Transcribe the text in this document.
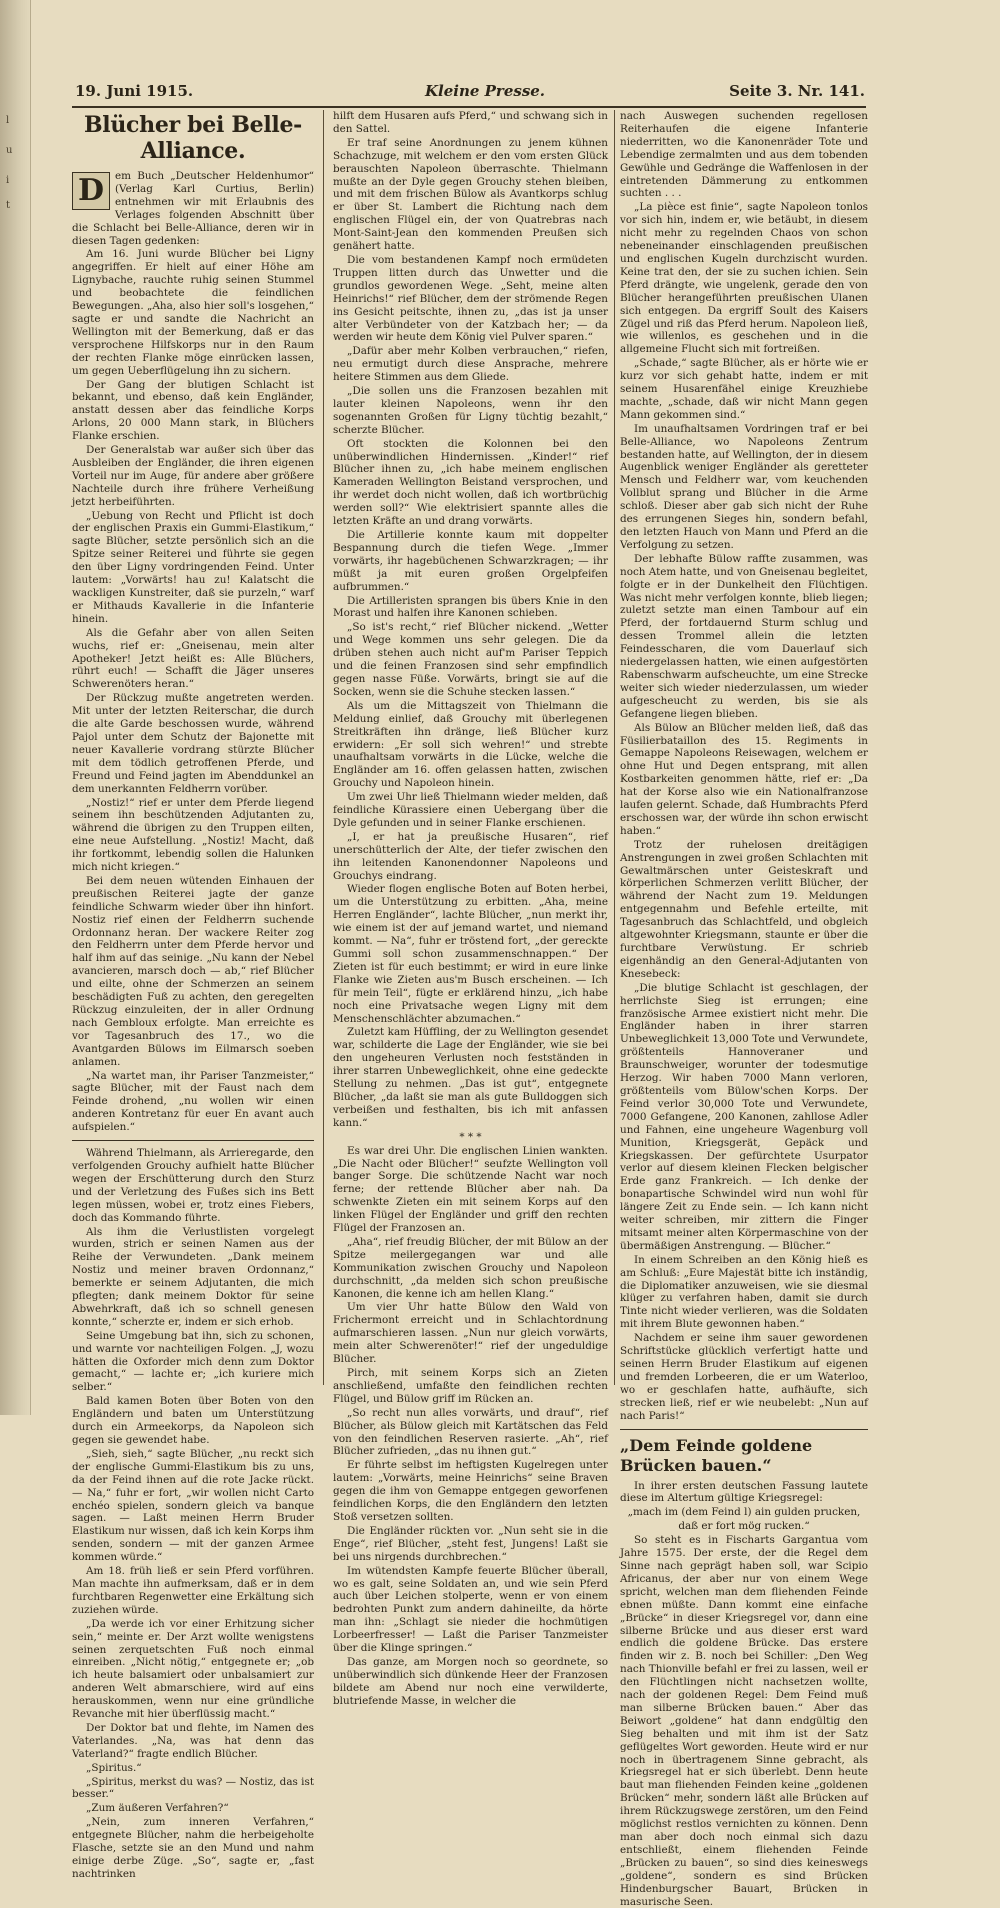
l
u
i
t
19. Juni 1915.	Kleine Presse.	Seite 3. Nr. 141.
Blücher bei Belle-Alliance.

D	em Buch „Deutscher Heldenhumor“ (Verlag Karl Curtius, Berlin) entnehmen wir mit Erlaubnis des Verlages folgenden Abschnitt über die Schlacht bei Belle-Alliance, deren wir in diesen Tagen gedenken:

Am 16. Juni wurde Blücher bei Ligny angegriffen. Er hielt auf einer Höhe am Lignybache, rauchte ruhig seinen Stummel und beobachtete die feindlichen Bewegungen. „Aha, also hier soll's losgehen,“ sagte er und sandte die Nachricht an Wellington mit der Bemerkung, daß er das versprochene Hilfskorps nur in den Raum der rechten Flanke möge einrücken lassen, um gegen Ueberflügelung ihn zu sichern.

Der Gang der blutigen Schlacht ist bekannt, und ebenso, daß kein Engländer, anstatt dessen aber das feindliche Korps Arlons, 20 000 Mann stark, in Blüchers Flanke erschien.

Der Generalstab war außer sich über das Ausbleiben der Engländer, die ihren eigenen Vorteil nur im Auge, für andere aber größere Nachteile durch ihre frühere Verheißung jetzt herbeiführten.

„Uebung von Recht und Pflicht ist doch der englischen Praxis ein Gummi-Elastikum,“ sagte Blücher, setzte persönlich sich an die Spitze seiner Reiterei und führte sie gegen den über Ligny vordringenden Feind. Unter lautem: „Vorwärts! hau zu! Kalatscht die wackligen Kunstreiter, daß sie purzeln,“ warf er Mithauds Kavallerie in die Infanterie hinein.

Als die Gefahr aber von allen Seiten wuchs, rief er: „Gneisenau, mein alter Apotheker! Jetzt heißt es: Alle Blüchers, rührt euch! — Schafft die Jäger unseres Schwerenöters heran.“

Der Rückzug mußte angetreten werden. Mit unter der letzten Reiterschar, die durch die alte Garde beschossen wurde, während Pajol unter dem Schutz der Bajonette mit neuer Kavallerie vordrang stürzte Blücher mit dem tödlich getroffenen Pferde, und Freund und Feind jagten im Abenddunkel an dem unerkannten Feldherrn vorüber.

„Nostiz!“ rief er unter dem Pferde liegend seinem ihn beschützenden Adjutanten zu, während die übrigen zu den Truppen eilten, eine neue Aufstellung. „Nostiz! Macht, daß ihr fortkommt, lebendig sollen die Halunken mich nicht kriegen.“

Bei dem neuen wütenden Einhauen der preußischen Reiterei jagte der ganze feindliche Schwarm wieder über ihn hinfort. Nostiz rief einen der Feldherrn suchende Ordonnanz heran. Der wackere Reiter zog den Feldherrn unter dem Pferde hervor und half ihm auf das seinige. „Nu kann der Nebel avancieren, marsch doch — ab,“ rief Blücher und eilte, ohne der Schmerzen an seinem beschädigten Fuß zu achten, den geregelten Rückzug einzuleiten, der in aller Ordnung nach Gembloux erfolgte. Man erreichte es vor Tagesanbruch des 17., wo die Avantgarden Bülows im Eilmarsch soeben anlamen.

„Na wartet man, ihr Pariser Tanzmeister,“ sagte Blücher, mit der Faust nach dem Feinde drohend, „nu wollen wir einen anderen Kontretanz für euer En avant auch aufspielen.“

Während Thielmann, als Arrieregarde, den verfolgenden Grouchy aufhielt hatte Blücher wegen der Erschütterung durch den Sturz und der Verletzung des Fußes sich ins Bett legen müssen, wobei er, trotz eines Fiebers, doch das Kommando führte.

Als ihm die Verlustlisten vorgelegt wurden, strich er seinen Namen aus der Reihe der Verwundeten. „Dank meinem Nostiz und meiner braven Ordonnanz,“ bemerkte er seinem Adjutanten, die mich pflegten; dank meinem Doktor für seine Abwehrkraft, daß ich so schnell genesen konnte,“ scherzte er, indem er sich erhob.

Seine Umgebung bat ihn, sich zu schonen, und warnte vor nachteiligen Folgen. „J, wozu hätten die Oxforder mich denn zum Doktor gemacht,“ — lachte er; „ich kuriere mich selber.“

Bald kamen Boten über Boten von den Engländern und baten um Unterstützung durch ein Armeekorps, da Napoleon sich gegen sie gewendet habe.

„Sieh, sieh,“ sagte Blücher, „nu reckt sich der englische Gummi-Elastikum bis zu uns, da der Feind ihnen auf die rote Jacke rückt. — Na,“ fuhr er fort, „wir wollen nicht Carto enchéo spielen, sondern gleich va banque sagen. — Laßt meinen Herrn Bruder Elastikum nur wissen, daß ich kein Korps ihm senden, sondern — mit der ganzen Armee kommen würde.“

Am 18. früh ließ er sein Pferd vorführen. Man machte ihn aufmerksam, daß er in dem furchtbaren Regenwetter eine Erkältung sich zuziehen würde.

„Da werde ich vor einer Erhitzung sicher sein,“ meinte er. Der Arzt wollte wenigstens seinen zerquetschten Fuß noch einmal einreiben. „Nicht nötig,“ entgegnete er; „ob ich heute balsamiert oder unbalsamiert zur anderen Welt abmarschiere, wird auf eins herauskommen, wenn nur eine gründliche Revanche mit hier überflüssig macht.“

Der Doktor bat und flehte, im Namen des Vaterlandes. „Na, was hat denn das Vaterland?“ fragte endlich Blücher.

„Spiritus.“

„Spiritus, merkst du was? — Nostiz, das ist besser.“

„Zum äußeren Verfahren?“

„Nein, zum inneren Verfahren,“ entgegnete Blücher, nahm die herbeigeholte Flasche, setzte sie an den Mund und nahm einige derbe Züge. „So“, sagte er, „fast nachtrinken

hilft dem Husaren aufs Pferd,“ und schwang sich in den Sattel.

Er traf seine Anordnungen zu jenem kühnen Schachzuge, mit welchem er den vom ersten Glück berauschten Napoleon überraschte. Thielmann mußte an der Dyle gegen Grouchy stehen bleiben, und mit dem frischen Bülow als Avantkorps schlug er über St. Lambert die Richtung nach dem englischen Flügel ein, der von Quatrebras nach Mont-Saint-Jean den kommenden Preußen sich genähert hatte.

Die vom bestandenen Kampf noch ermüdeten Truppen litten durch das Unwetter und die grundlos gewordenen Wege. „Seht, meine alten Heinrichs!“ rief Blücher, dem der strömende Regen ins Gesicht peitschte, ihnen zu, „das ist ja unser alter Verbündeter von der Katzbach her; — da werden wir heute dem König viel Pulver sparen.“

„Dafür aber mehr Kolben verbrauchen,“ riefen, neu ermutigt durch diese Ansprache, mehrere heitere Stimmen aus dem Gliede.

„Die sollen uns die Franzosen bezahlen mit lauter kleinen Napoleons, wenn ihr den sogenannten Großen für Ligny tüchtig bezahlt,“ scherzte Blücher.

Oft stockten die Kolonnen bei den unüberwindlichen Hindernissen. „Kinder!“ rief Blücher ihnen zu, „ich habe meinem englischen Kameraden Wellington Beistand versprochen, und ihr werdet doch nicht wollen, daß ich wortbrüchig werden soll?“ Wie elektrisiert spannte alles die letzten Kräfte an und drang vorwärts.

Die Artillerie konnte kaum mit doppelter Bespannung durch die tiefen Wege. „Immer vorwärts, ihr hagebüchenen Schwarzkragen; — ihr müßt ja mit euren großen Orgelpfeifen aufbrummen.“

Die Artilleristen sprangen bis übers Knie in den Morast und halfen ihre Kanonen schieben.

„So ist's recht,“ rief Blücher nickend. „Wetter und Wege kommen uns sehr gelegen. Die da drüben stehen auch nicht auf'm Pariser Teppich und die feinen Franzosen sind sehr empfindlich gegen nasse Füße. Vorwärts, bringt sie auf die Socken, wenn sie die Schuhe stecken lassen.“

Als um die Mittagszeit von Thielmann die Meldung einlief, daß Grouchy mit überlegenen Streitkräften ihn dränge, ließ Blücher kurz erwidern: „Er soll sich wehren!“ und strebte unaufhaltsam vorwärts in die Lücke, welche die Engländer am 16. offen gelassen hatten, zwischen Grouchy und Napoleon hinein.

Um zwei Uhr ließ Thielmann wieder melden, daß feindliche Kürassiere einen Uebergang über die Dyle gefunden und in seiner Flanke erschienen.

„I, er hat ja preußische Husaren“, rief unerschütterlich der Alte, der tiefer zwischen den ihn leitenden Kanonendonner Napoleons und Grouchys eindrang.

Wieder flogen englische Boten auf Boten herbei, um die Unterstützung zu erbitten. „Aha, meine Herren Engländer“, lachte Blücher, „nun merkt ihr, wie einem ist der auf jemand wartet, und niemand kommt. — Na“, fuhr er tröstend fort, „der gereckte Gummi soll schon zusammenschnappen.“ Der Zieten ist für euch bestimmt; er wird in eure linke Flanke wie Zieten aus'm Busch erscheinen. — Ich für mein Teil“, fügte er erklärend hinzu, „ich habe noch eine Privatsache wegen Ligny mit dem Menschenschlächter abzumachen.“

Zuletzt kam Hüffling, der zu Wellington gesendet war, schilderte die Lage der Engländer, wie sie bei den ungeheuren Verlusten noch festständen in ihrer starren Unbeweglichkeit, ohne eine gedeckte Stellung zu nehmen. „Das ist gut“, entgegnete Blücher, „da laßt sie man als gute Bulldoggen sich verbeißen und festhalten, bis ich mit anfassen kann.“

* * *

Es war drei Uhr. Die englischen Linien wankten. „Die Nacht oder Blücher!“ seufzte Wellington voll banger Sorge. Die schützende Nacht war noch ferne; der rettende Blücher aber nah. Da schwenkte Zieten ein mit seinem Korps auf den linken Flügel der Engländer und griff den rechten Flügel der Franzosen an.

„Aha“, rief freudig Blücher, der mit Bülow an der Spitze meilergegangen war und alle Kommunikation zwischen Grouchy und Napoleon durchschnitt, „da melden sich schon preußische Kanonen, die kenne ich am hellen Klang.“

Um vier Uhr hatte Bülow den Wald von Frichermont erreicht und in Schlachtordnung aufmarschieren lassen. „Nun nur gleich vorwärts, mein alter Schwerenöter!“ rief der ungeduldige Blücher.

Pirch, mit seinem Korps sich an Zieten anschließend, umfaßte den feindlichen rechten Flügel, und Bülow griff im Rücken an.

„So recht nun alles vorwärts, und drauf“, rief Blücher, als Bülow gleich mit Kartätschen das Feld von den feindlichen Reserven rasierte. „Ah“, rief Blücher zufrieden, „das nu ihnen gut.“

Er führte selbst im heftigsten Kugelregen unter lautem: „Vorwärts, meine Heinrichs“ seine Braven gegen die ihm von Gemappe entgegen geworfenen feindlichen Korps, die den Engländern den letzten Stoß versetzen sollten.

Die Engländer rückten vor. „Nun seht sie in die Enge“, rief Blücher, „steht fest, Jungens! Laßt sie bei uns nirgends durchbrechen.“

Im wütendsten Kampfe feuerte Blücher überall, wo es galt, seine Soldaten an, und wie sein Pferd auch über Leichen stolperte, wenn er von einem bedrohten Punkt zum andern dahineilte, da hörte man ihn: „Schlagt sie nieder die hochmütigen Lorbeerfresser! — Laßt die Pariser Tanzmeister über die Klinge springen.“

Das ganze, am Morgen noch so geordnete, so unüberwindlich sich dünkende Heer der Franzosen bildete am Abend nur noch eine verwilderte, blutriefende Masse, in welcher die

nach Auswegen suchenden regellosen Reiterhaufen die eigene Infanterie niederritten, wo die Kanonenräder Tote und Lebendige zermalmten und aus dem tobenden Gewühle und Gedränge die Waffenlosen in der eintretenden Dämmerung zu entkommen suchten . . .

„La pièce est finie“, sagte Napoleon tonlos vor sich hin, indem er, wie betäubt, in diesem nicht mehr zu regelnden Chaos von schon nebeneinander einschlagenden preußischen und englischen Kugeln durchzischt wurden. Keine trat den, der sie zu suchen ichien. Sein Pferd drängte, wie ungelenk, gerade den von Blücher herangeführten preußischen Ulanen sich entgegen. Da ergriff Soult des Kaisers Zügel und riß das Pferd herum. Napoleon ließ, wie willenlos, es geschehen und in die allgemeine Flucht sich mit fortreißen.

„Schade,“ sagte Blücher, als er hörte wie er kurz vor sich gehabt hatte, indem er mit seinem Husarenfähel einige Kreuzhiebe machte, „schade, daß wir nicht Mann gegen Mann gekommen sind.“

Im unaufhaltsamen Vordringen traf er bei Belle-Alliance, wo Napoleons Zentrum bestanden hatte, auf Wellington, der in diesem Augenblick weniger Engländer als geretteter Mensch und Feldherr war, vom keuchenden Vollblut sprang und Blücher in die Arme schloß. Dieser aber gab sich nicht der Ruhe des errungenen Sieges hin, sondern befahl, den letzten Hauch von Mann und Pferd an die Verfolgung zu setzen.

Der lebhafte Bülow raffte zusammen, was noch Atem hatte, und von Gneisenau begleitet, folgte er in der Dunkelheit den Flüchtigen. Was nicht mehr verfolgen konnte, blieb liegen; zuletzt setzte man einen Tambour auf ein Pferd, der fortdauernd Sturm schlug und dessen Trommel allein die letzten Feindesscharen, die vom Dauerlauf sich niedergelassen hatten, wie einen aufgestörten Rabenschwarm aufscheuchte, um eine Strecke weiter sich wieder niederzulassen, um wieder aufgescheucht zu werden, bis sie als Gefangene liegen blieben.

Als Bülow an Blücher melden ließ, daß das Füsilierbataillon des 15. Regiments in Gemappe Napoleons Reisewagen, welchem er ohne Hut und Degen entsprang, mit allen Kostbarkeiten genommen hätte, rief er: „Da hat der Korse also wie ein Nationalfranzose laufen gelernt. Schade, daß Humbrachts Pferd erschossen war, der würde ihn schon erwischt haben.“

Trotz der ruhelosen dreitägigen Anstrengungen in zwei großen Schlachten mit Gewaltmärschen unter Geisteskraft und körperlichen Schmerzen verlitt Blücher, der während der Nacht zum 19. Meldungen entgegennahm und Befehle erteilte, mit Tagesanbruch das Schlachtfeld, und obgleich altgewohnter Kriegsmann, staunte er über die furchtbare Verwüstung. Er schrieb eigenhändig an den General-Adjutanten von Knesebeck:

„Die blutige Schlacht ist geschlagen, der herrlichste Sieg ist errungen; eine französische Armee existiert nicht mehr. Die Engländer haben in ihrer starren Unbeweglichkeit 13,000 Tote und Verwundete, größtenteils Hannoveraner und Braunschweiger, worunter der todesmutige Herzog. Wir haben 7000 Mann verloren, größtenteils vom Bülow'schen Korps. Der Feind verlor 30,000 Tote und Verwundete, 7000 Gefangene, 200 Kanonen, zahllose Adler und Fahnen, eine ungeheure Wagenburg voll Munition, Kriegsgerät, Gepäck und Kriegskassen. Der gefürchtete Usurpator verlor auf diesem kleinen Flecken belgischer Erde ganz Frankreich. — Ich denke der bonapartische Schwindel wird nun wohl für längere Zeit zu Ende sein. — Ich kann nicht weiter schreiben, mir zittern die Finger mitsamt meiner alten Körpermaschine von der übermäßigen Anstrengung. — Blücher.“

In einem Schreiben an den König hieß es am Schluß: „Eure Majestät bitte ich inständig, die Diplomatiker anzuweisen, wie sie diesmal klüger zu verfahren haben, damit sie durch Tinte nicht wieder verlieren, was die Soldaten mit ihrem Blute gewonnen haben.“

Nachdem er seine ihm sauer gewordenen Schriftstücke glücklich verfertigt hatte und seinen Herrn Bruder Elastikum auf eigenen und fremden Lorbeeren, die er um Waterloo, wo er geschlafen hatte, aufhäufte, sich strecken ließ, rief er wie neubelebt: „Nun auf nach Paris!“

„Dem Feinde goldene Brücken bauen.“

In ihrer ersten deutschen Fassung lautete diese im Altertum gültige Kriegsregel:

„mach im (dem Feind l) ain gulden prucken,

daß er fort mög rucken.“

So steht es in Fischarts Gargantua vom Jahre 1575. Der erste, der die Regel dem Sinne nach geprägt haben soll, war Scipio Africanus, der aber nur von einem Wege spricht, welchen man dem fliehenden Feinde ebnen müßte. Dann kommt eine einfache „Brücke“ in dieser Kriegsregel vor, dann eine silberne Brücke und aus dieser erst ward endlich die goldene Brücke. Das erstere finden wir z. B. noch bei Schiller: „Den Weg nach Thionville befahl er frei zu lassen, weil er den Flüchtlingen nicht nachsetzen wollte, nach der goldenen Regel: Dem Feind muß man silberne Brücken bauen.“ Aber das Beiwort „goldene“ hat dann endgültig den Sieg behalten und mit ihm ist der Satz geflügeltes Wort geworden. Heute wird er nur noch in übertragenem Sinne gebracht, als Kriegsregel hat er sich überlebt. Denn heute baut man fliehenden Feinden keine „goldenen Brücken“ mehr, sondern läßt alle Brücken auf ihrem Rückzugswege zerstören, um den Feind möglichst restlos vernichten zu können. Denn man aber doch noch einmal sich dazu entschließt, einem fliehenden Feinde „Brücken zu bauen“, so sind dies keineswegs „goldene“, sondern es sind Brücken Hindenburgscher Bauart, Brücken in masurische Seen.
